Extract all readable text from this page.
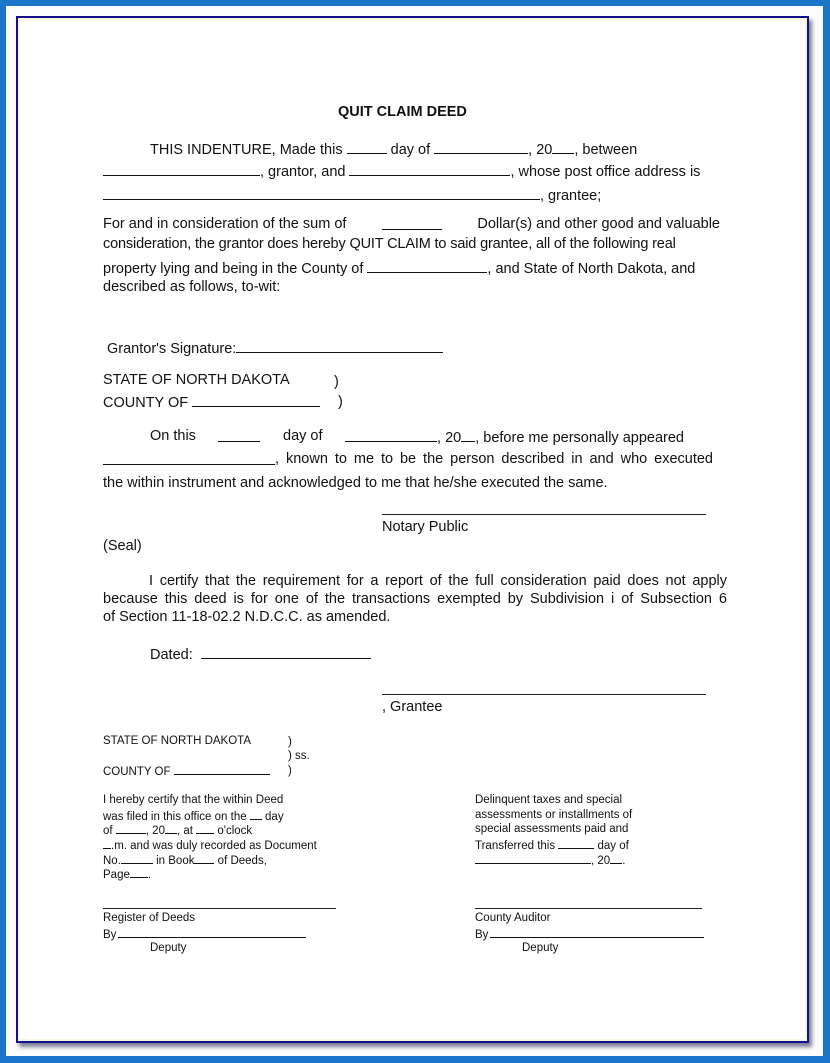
QUIT CLAIM DEED
THIS INDENTURE, Made this	day of	, 20 , between
, grantor, and	, whose post office address is
, grantee;
For and in consideration of the sum of	Dollar(s) and other good and valuable
consideration, the grantor does hereby QUIT CLAIM to said grantee, all of the following real
property lying and being in the County of	, and State of North Dakota, and
described as follows, to-wit:
Grantor's Signature:
STATE OF NORTH DAKOTA	)
COUNTY OF	)
On this	day of	, 20 , before me personally appeared
, known to me to be the person described in and who executed
the within instrument and acknowledged to me that he/she executed the same.
Notary Public
(Seal)
I certify that the requirement for a report of the full consideration paid does not apply
because this deed is for one of the transactions exempted by Subdivision i of Subsection 6
of Section 11-18-02.2 N.D.C.C. as amended.
Dated:
, Grantee
STATE OF NORTH DAKOTA	)
) ss.
COUNTY OF	)
I hereby certify that the within Deed
was filed in this office on the day
of	, 20 , at o'clock
.m. and was duly recorded as Document
No.	in Book of Deeds,
Page .
Register of Deeds
By
Deputy
Delinquent taxes and special
assessments or installments of
special assessments paid and
Transferred this	day of
, 20 .
County Auditor
By
Deputy
